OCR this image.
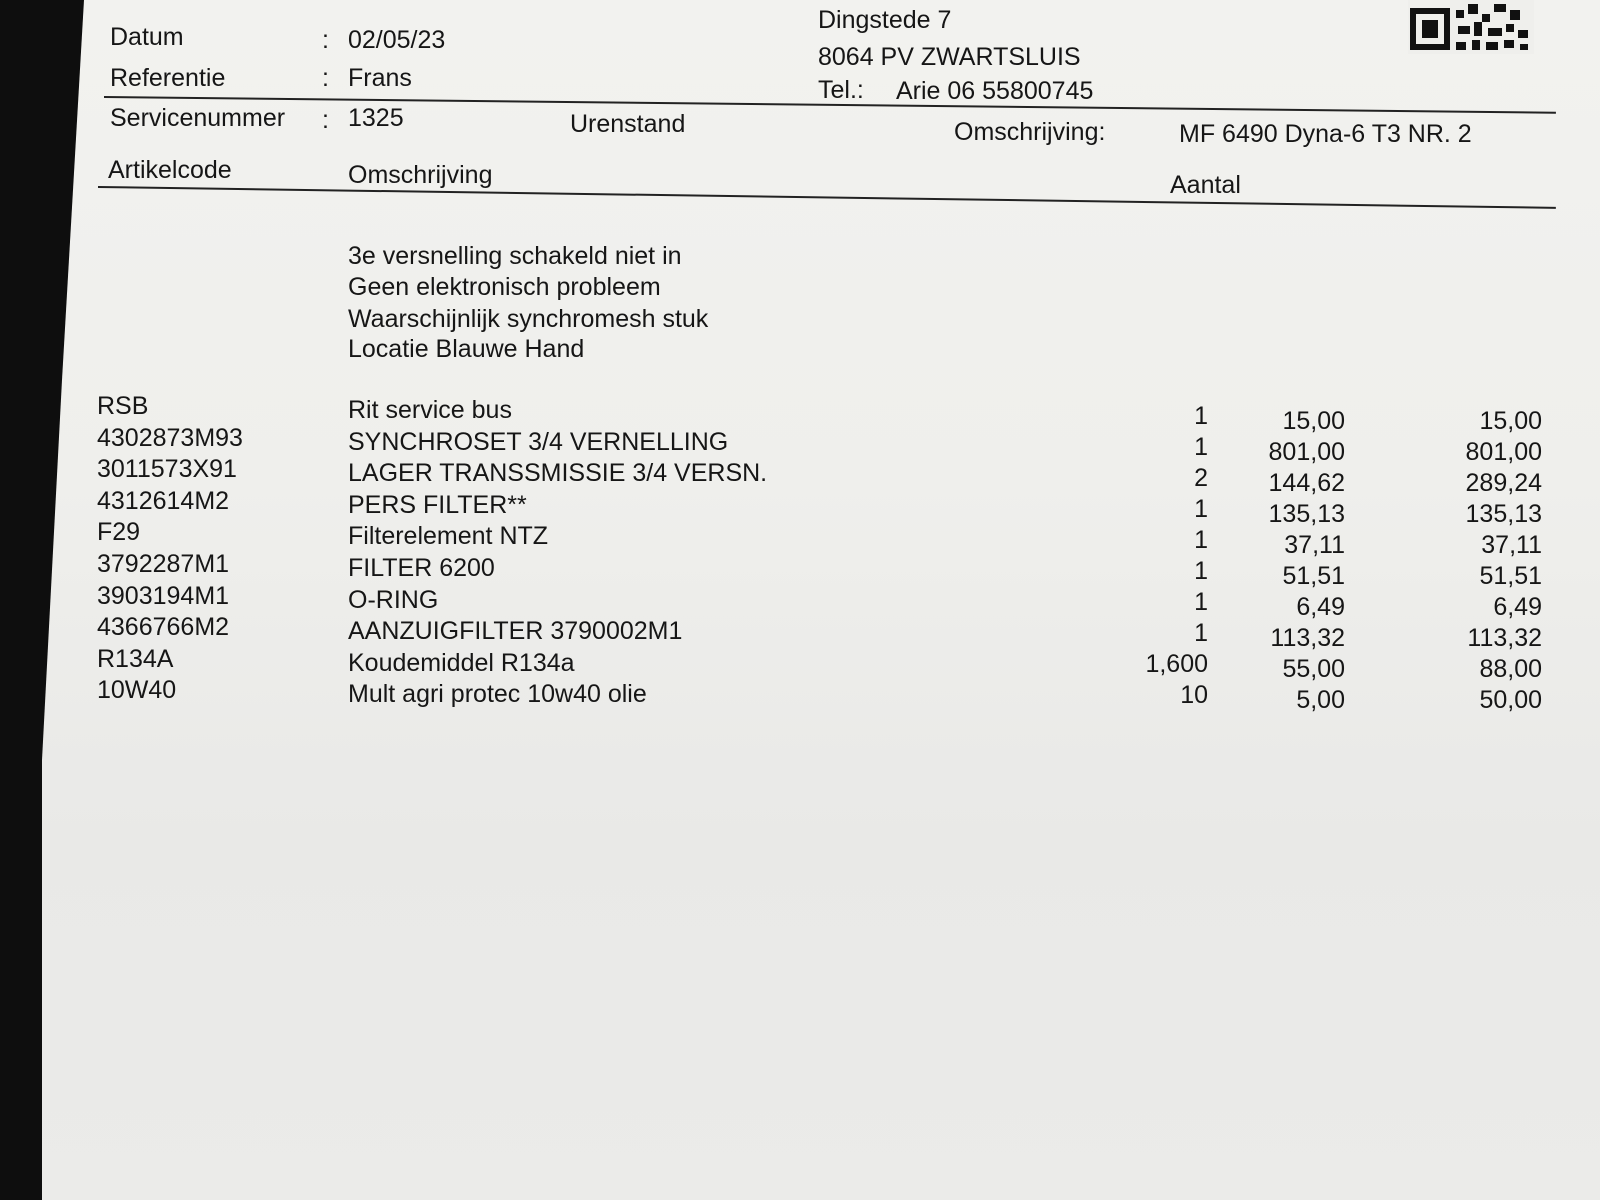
Datum	: 02/05/23
Referentie	: Frans
Dingstede 7
8064 PV ZWARTSLUIS
Tel.: Arie 06 55800745
Servicenummer : 1325	Urenstand	Omschrijving:	MF 6490 Dyna-6 T3 NR. 2
Artikelcode	Omschrijving	Aantal
3e versnelling schakeld niet in
Geen elektronisch probleem
Waarschijnlijk synchromesh stuk
Locatie Blauwe Hand
RSB	Rit service bus	1	15,00	15,00
4302873M93	SYNCHROSET 3/4 VERNELLING	1	801,00	801,00
3011573X91	LAGER TRANSSMISSIE 3/4 VERSN.	2	144,62	289,24
4312614M2	PERS FILTER**	1	135,13	135,13
F29	Filterelement NTZ	1	37,11	37,11
3792287M1	FILTER 6200	1	51,51	51,51
3903194M1	O-RING	1	6,49	6,49
4366766M2	AANZUIGFILTER 3790002M1	1	113,32	113,32
R134A	Koudemiddel R134a	1,600	55,00	88,00
10W40	Mult agri protec 10w40 olie	10	5,00	50,00
